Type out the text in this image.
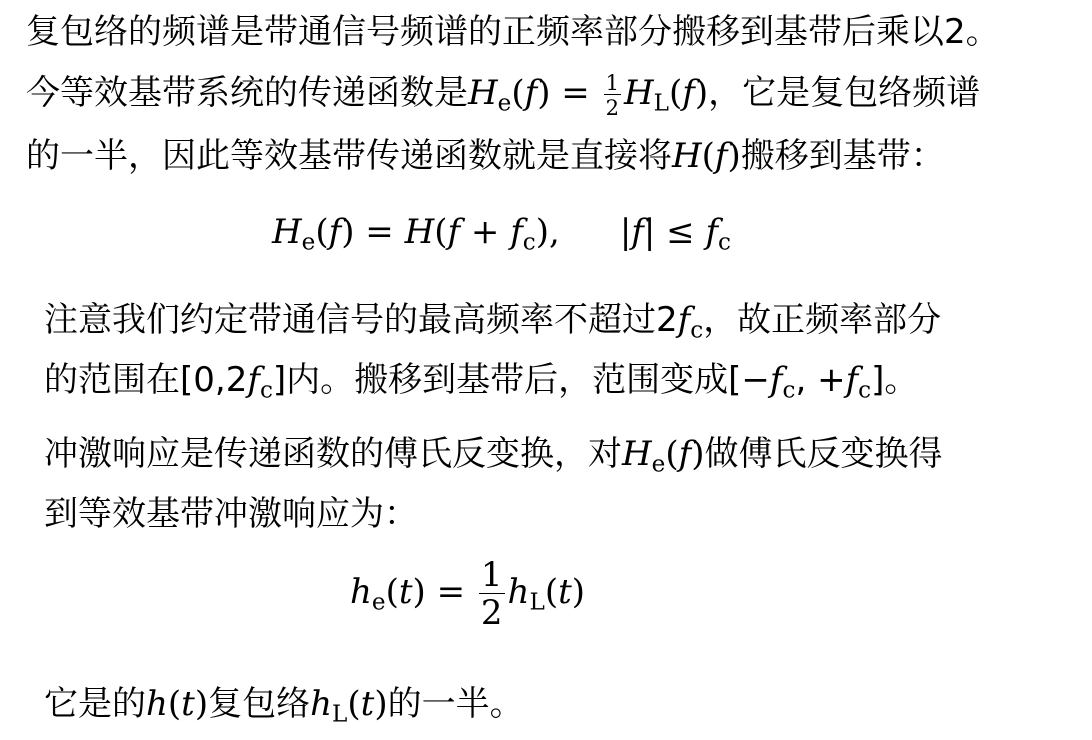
复包络的频谱是带通信号频谱的正频率部分搬移到基带后乘以2。
今等效基带系统的传递函数是$H_e(f) = \frac{1}{2} H_L(f)$，它是复包络频谱
的一半，因此等效基带传递函数就是直接将H(f)搬移到基带：
$H_e(f) = H(f + f_c)$, $|f| \le f_c$
注意我们约定带通信号的最高频率不超过$2f_c$，故正频率部分
的范围在$[0,2f_c]$内。搬移到基带后，范围变成[$-f_c$, $+f_c$]。
冲激响应是传递函数的傅氏反变换，对$H_e(f)$做傅氏反变换得
到等效基带冲激响应为：
$h_e(t) = \frac{1}{2} h_L(t)$
它是的h(t)复包络$h_L(t)$的一半。
